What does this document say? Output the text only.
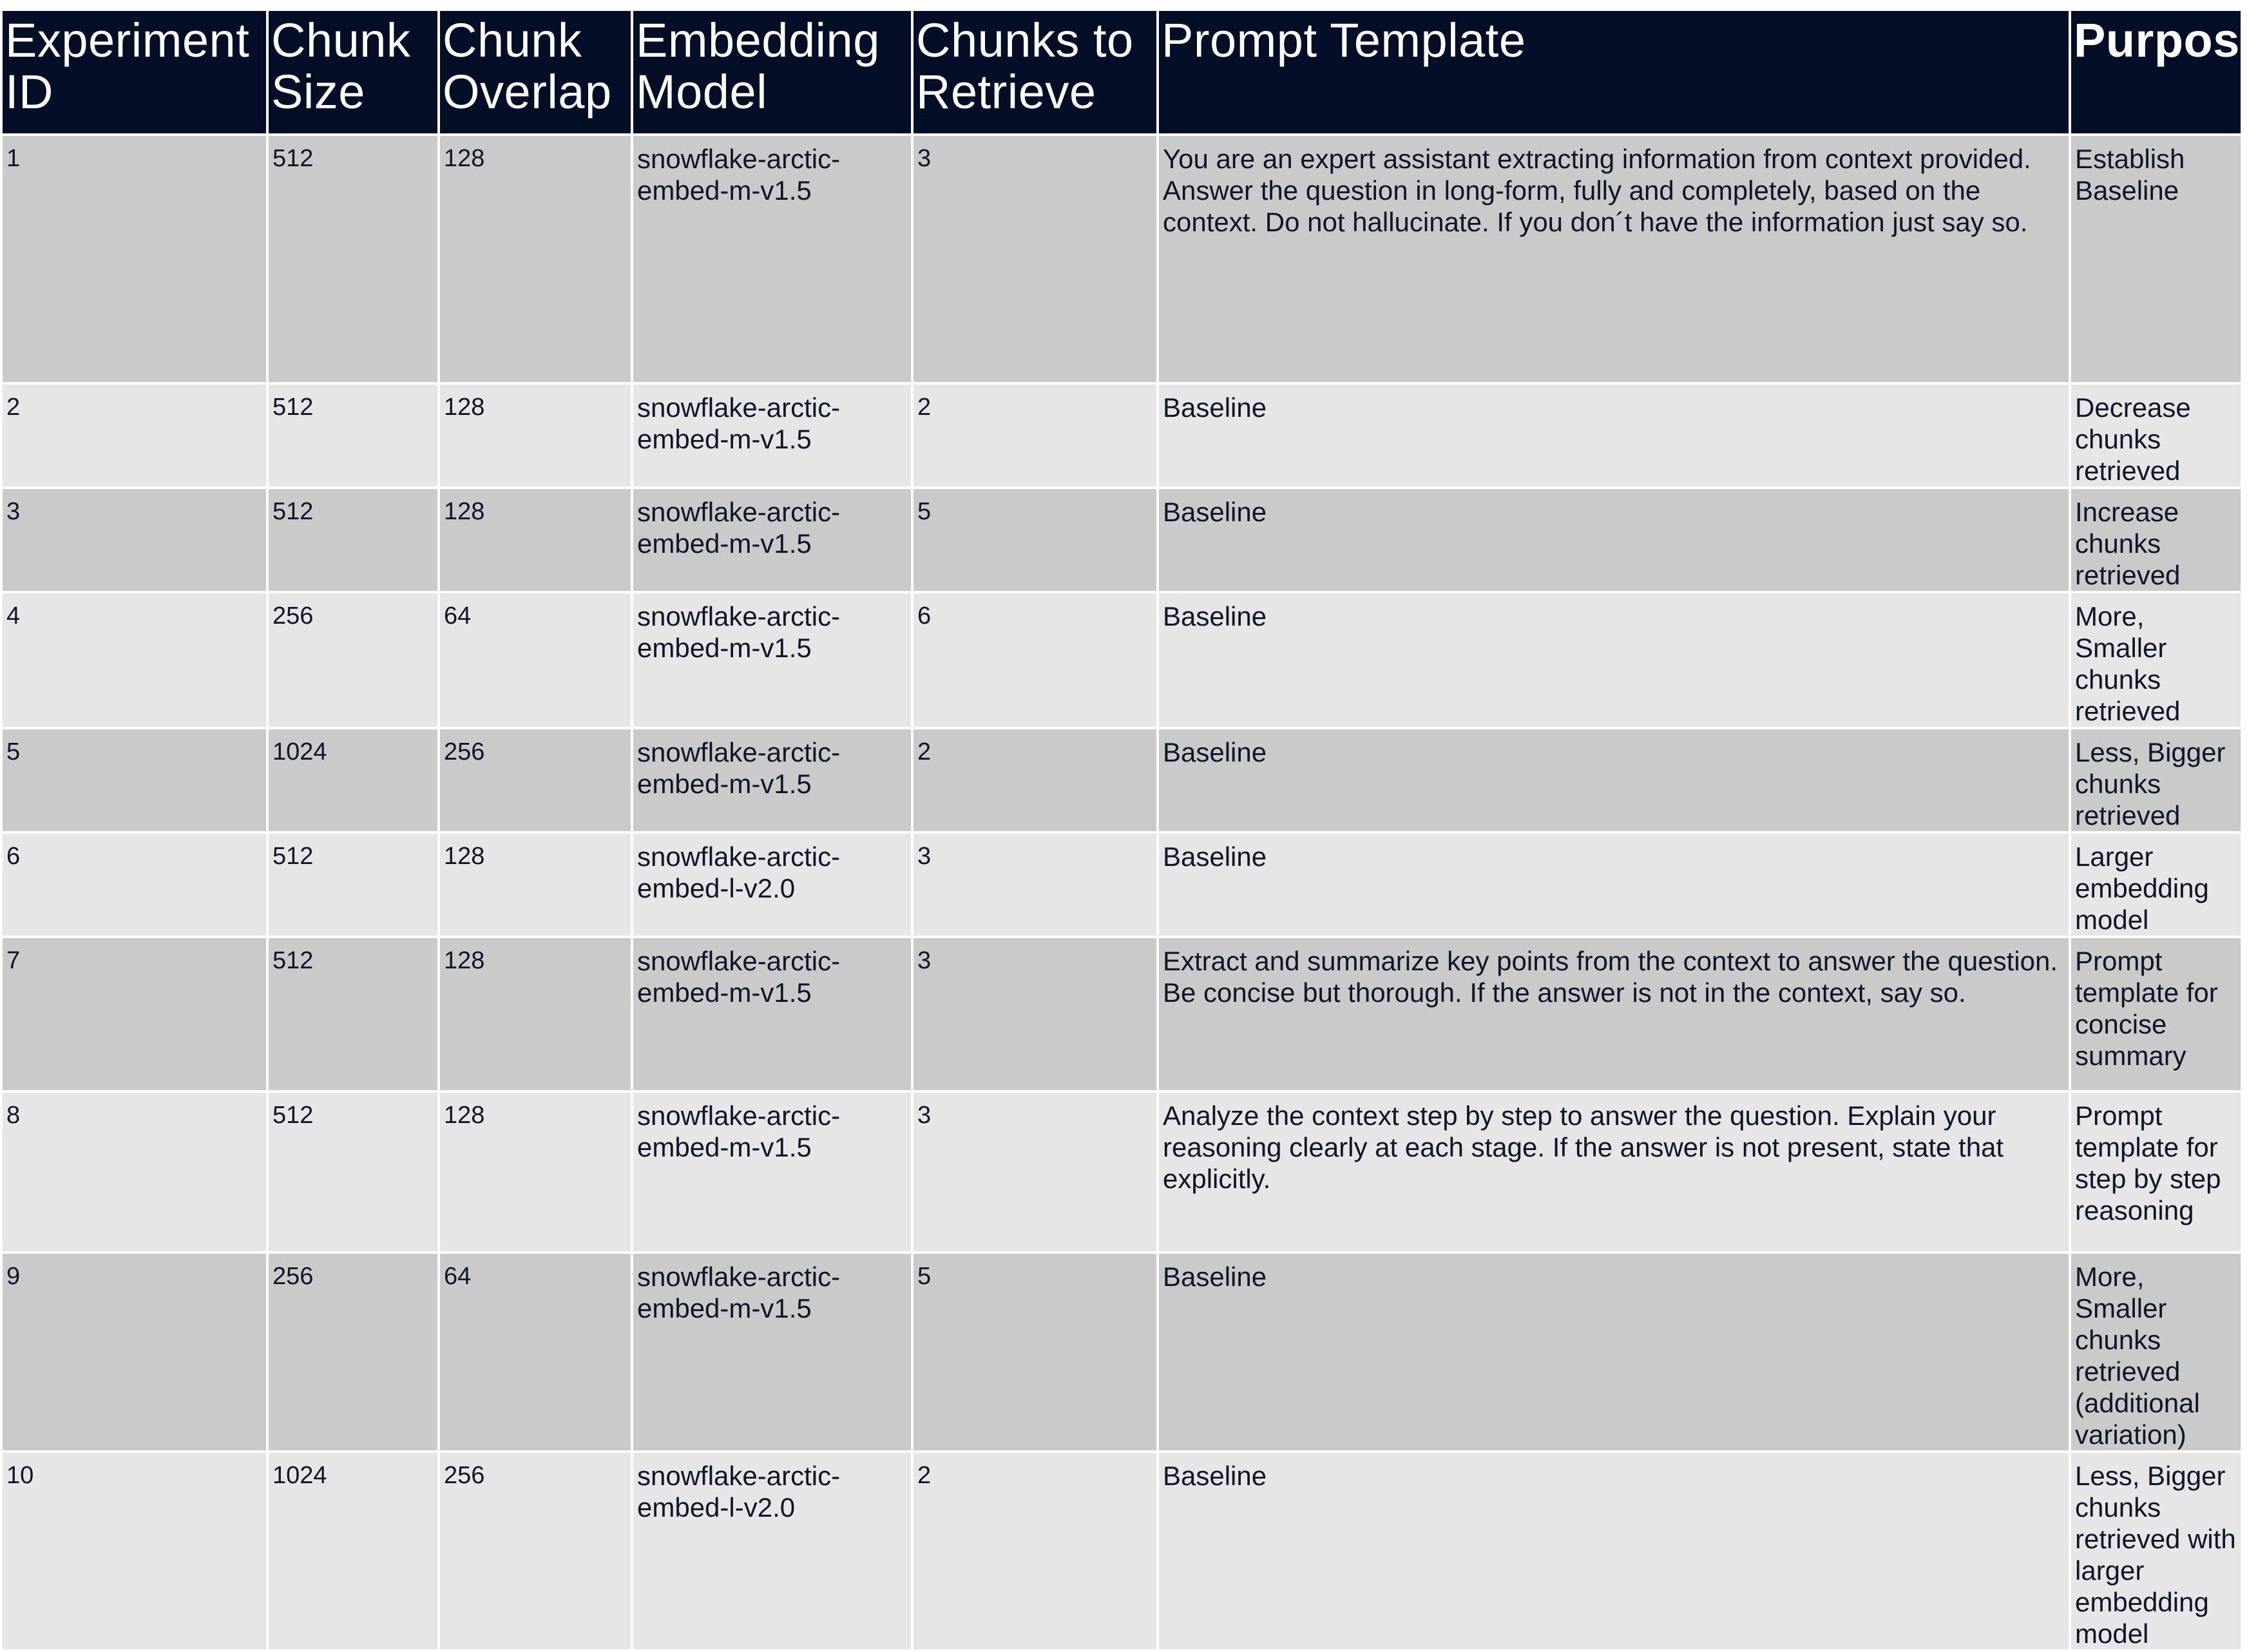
Experiment ID	Chunk Size	Chunk Overlap	Embedding Model	Chunks to Retrieve	Prompt Template	Purpose
1	512	128	snowflake-arctic-embed-m-v1.5	3	You are an expert assistant extracting information from context provided. Answer the question in long-form, fully and completely, based on the context. Do not hallucinate. If you don´t have the information just say so.	Establish Baseline
2	512	128	snowflake-arctic-embed-m-v1.5	2	Baseline	Decrease chunks retrieved
3	512	128	snowflake-arctic-embed-m-v1.5	5	Baseline	Increase chunks retrieved
4	256	64	snowflake-arctic-embed-m-v1.5	6	Baseline	More, Smaller chunks retrieved
5	1024	256	snowflake-arctic-embed-m-v1.5	2	Baseline	Less, Bigger chunks retrieved
6	512	128	snowflake-arctic-embed-l-v2.0	3	Baseline	Larger embedding model
7	512	128	snowflake-arctic-embed-m-v1.5	3	Extract and summarize key points from the context to answer the question. Be concise but thorough. If the answer is not in the context, say so.	Prompt template for concise summary
8	512	128	snowflake-arctic-embed-m-v1.5	3	Analyze the context step by step to answer the question. Explain your reasoning clearly at each stage. If the answer is not present, state that explicitly.	Prompt template for step by step reasoning
9	256	64	snowflake-arctic-embed-m-v1.5	5	Baseline	More, Smaller chunks retrieved (additional variation)
10	1024	256	snowflake-arctic-embed-l-v2.0	2	Baseline	Less, Bigger chunks retrieved with larger embedding model
